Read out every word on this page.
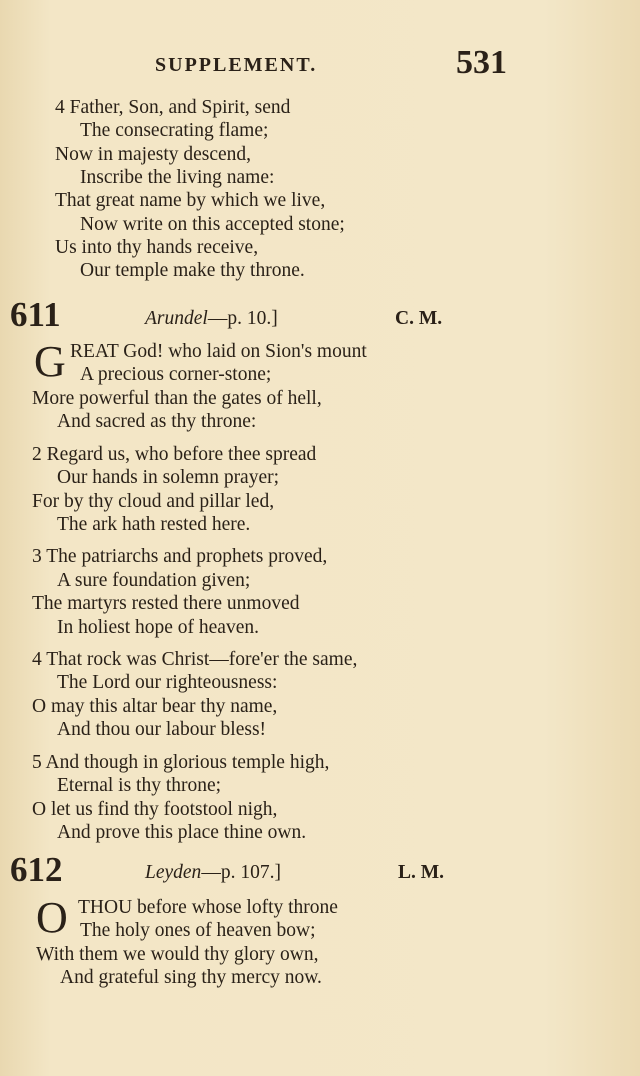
SUPPLEMENT.	531
4 Father, Son, and Spirit, send
The consecrating flame;
Now in majesty descend,
Inscribe the living name:
That great name by which we live,
Now write on this accepted stone;
Us into thy hands receive,
Our temple make thy throne.
611	Arundel—p. 10.]	C. M.
G REAT God! who laid on Sion's mount
A precious corner-stone;
More powerful than the gates of hell,
And sacred as thy throne:
2 Regard us, who before thee spread
Our hands in solemn prayer;
For by thy cloud and pillar led,
The ark hath rested here.
3 The patriarchs and prophets proved,
A sure foundation given;
The martyrs rested there unmoved
In holiest hope of heaven.
4 That rock was Christ—fore'er the same,
The Lord our righteousness:
O may this altar bear thy name,
And thou our labour bless!
5 And though in glorious temple high,
Eternal is thy throne;
O let us find thy footstool nigh,
And prove this place thine own.
612	Leyden—p. 107.]	L. M.
O THOU before whose lofty throne
The holy ones of heaven bow;
With them we would thy glory own,
And grateful sing thy mercy now.
